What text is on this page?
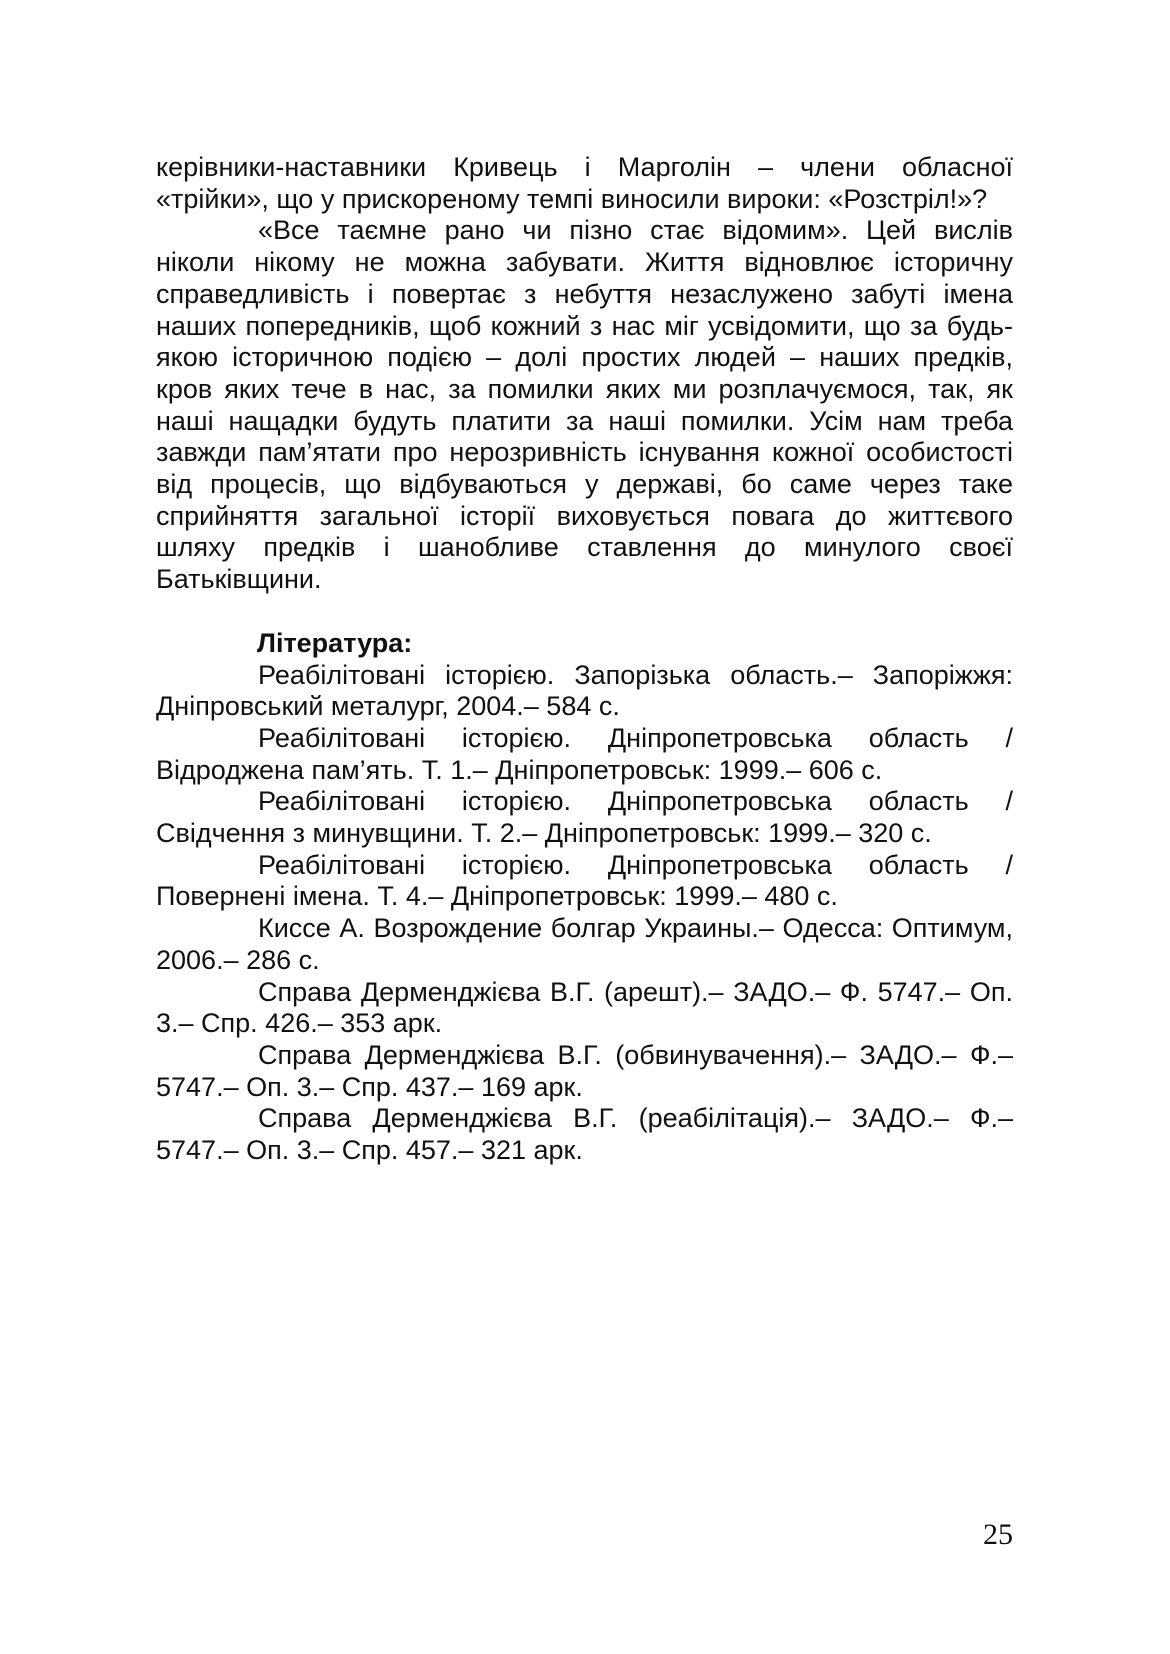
керівники-наставники Кривець і Марголін – члени обласної «трійки», що у прискореному темпі виносили вироки: «Розстріл!»?

«Все таємне рано чи пізно стає відомим». Цей вислів ніколи нікому не можна забувати. Життя відновлює історичну справедливість і повертає з небуття незаслужено забуті імена наших попередників, щоб кожний з нас міг усвідомити, що за будь-якою історичною подією – долі простих людей – наших предків, кров яких тече в нас, за помилки яких ми розплачуємося, так, як наші нащадки будуть платити за наші помилки. Усім нам треба завжди пам’ятати про нерозривність існування кожної особистості від процесів, що відбуваються у державі, бо саме через таке сприйняття загальної історії виховується повага до життєвого шляху предків і шанобливе ставлення до минулого своєї Батьківщини.

Література:
Реабілітовані історією. Запорізька область.– Запоріжжя: Дніпровський металург, 2004.– 584 с.
Реабілітовані історією. Дніпропетровська область / Відроджена пам’ять. Т. 1.– Дніпропетровськ: 1999.– 606 с.
Реабілітовані історією. Дніпропетровська область / Свідчення з минувщини. Т. 2.– Дніпропетровськ: 1999.– 320 с.
Реабілітовані історією. Дніпропетровська область / Повернені імена. Т. 4.– Дніпропетровськ: 1999.– 480 с.
Киссе А. Возрождение болгар Украины.– Одесса: Оптимум, 2006.– 286 с.
Справа Дерменджієва В.Г. (арешт).– ЗАДО.– Ф. 5747.– Оп. 3.– Спр. 426.– 353 арк.
Справа Дерменджієва В.Г. (обвинувачення).– ЗАДО.– Ф.– 5747.– Оп. 3.– Спр. 437.– 169 арк.
Справа Дерменджієва В.Г. (реабілітація).– ЗАДО.– Ф.– 5747.– Оп. 3.– Спр. 457.– 321 арк.
25
